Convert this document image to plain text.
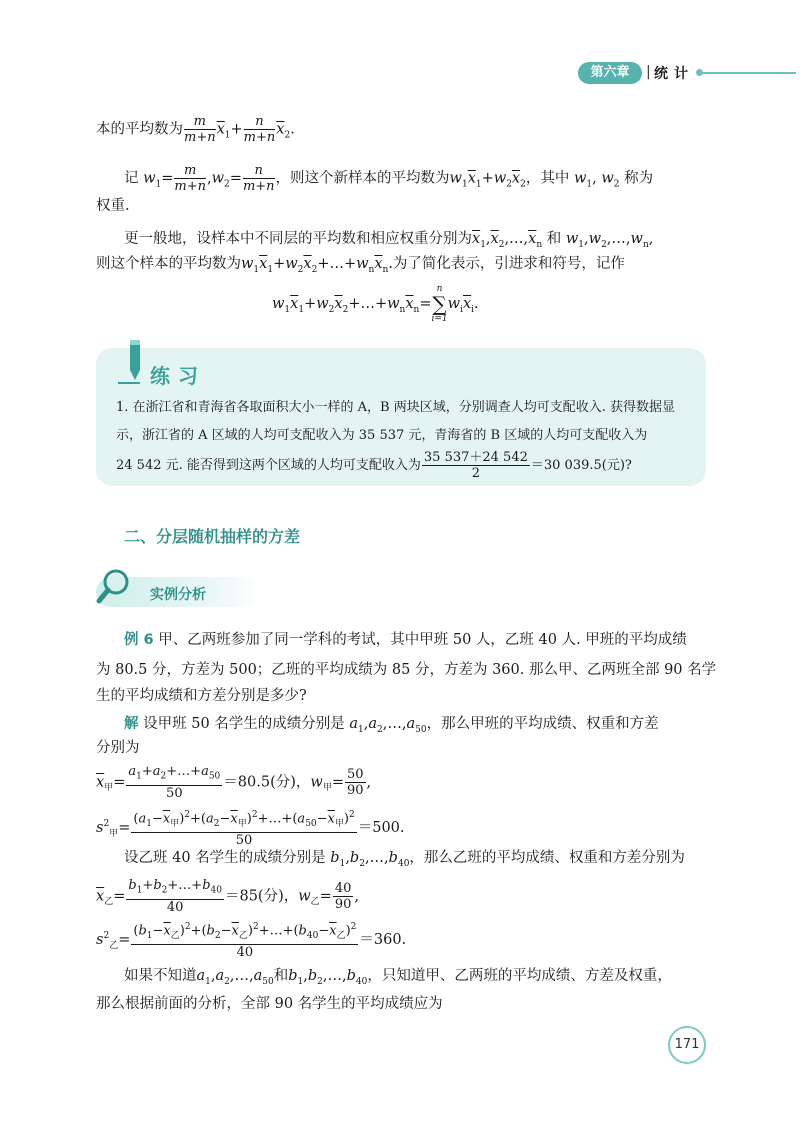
第六章	| 统计
本的平均数为 $\frac{m}{m+n} \overline{x}_1+ \frac{n}{m+n} \overline{x}_2$.
记 $w_1= \frac{m}{m+n} ,w_2= \frac{n}{m+n}$ ，则这个新样本的平均数为$w_1\overline{x}_1+w_2\overline{x}_2$，其中 $w_1$, $w_2$ 称为
权重.
更一般地，设样本中不同层的平均数和相应权重分别为$\overline{x}_1,\overline{x}_2,\dots,\overline{x}_n$ 和 $w_1,w_2,\dots,w_n$,
则这个样本的平均数为$w_1\overline{x}_1+w_2\overline{x}_2+\dots+w_n\overline{x}_n$.为了简化表示，引进求和符号，记作
$w_1\overline{x}_1+w_2\overline{x}_2+\dots+w_n\overline{x}_n=$
n
∑
i=1
$w_i\overline{x}_i$.
练习
1. 在浙江省和青海省各取面积大小一样的 A，B 两块区域，分别调查人均可支配收入. 获得数据显
示，浙江省的 A 区域的人均可支配收入为 35 537 元，青海省的 B 区域的人均可支配收入为
24 542 元. 能否得到这两个区域的人均可支配收入为 $\frac{35 537+24 542}{2} =30$ 039.5(元)?
二、分层随机抽样的方差
实例分析
例 6 甲、乙两班参加了同一学科的考试，其中甲班 50 人，乙班 40 人. 甲班的平均成绩
为 80.5 分，方差为 500；乙班的平均成绩为 85 分，方差为 360. 那么甲、乙两班全部 90 名学
生的平均成绩和方差分别是多少?
解 设甲班 50 名学生的成绩分别是 $a_1,a_2,\dots,a_{50}$，那么甲班的平均成绩、权重和方差
分别为
$\overline{x}_甲= \frac{a_1+a_2+\dots+a_{50}}{50} =80.5$(分)，$w_甲= \frac{50}{90}$ ,
$s^2_甲= \frac{(a_1-\overline{x}_甲)^2+(a_2-\overline{x}_甲)^2+\dots+(a_{50}-\overline{x}_甲)^2}{50} =500$.
设乙班 40 名学生的成绩分别是 $b_1,b_2,\dots,b_{40}$，那么乙班的平均成绩、权重和方差分别为
$\overline{x}_乙= \frac{b_1+b_2+\dots+b_{40}}{40} =85$(分)，$w_乙= \frac{40}{90}$ ,
$s^2_乙= \frac{(b_1-\overline{x}_乙)^2+(b_2-\overline{x}_乙)^2+\dots+(b_{40}-\overline{x}_乙)^2}{40} =360$.
如果不知道$a_1,a_2,\dots,a_{50}$和$b_1,b_2,\dots,b_{40}$，只知道甲、乙两班的平均成绩、方差及权重，
那么根据前面的分析，全部 90 名学生的平均成绩应为
171
